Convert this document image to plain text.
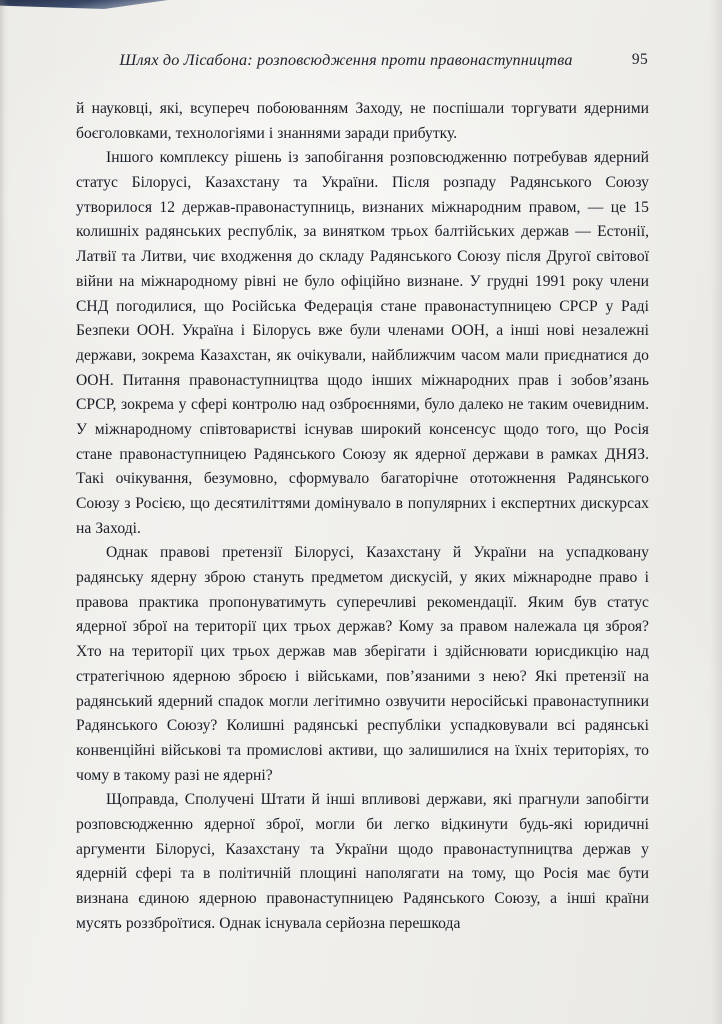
Шлях до Лісабона: розповсюдження проти правонаступництва	95

й науковці, які, всупереч побоюванням Заходу, не поспішали торгувати ядерними боєголовками, технологіями і знаннями заради прибутку.

Іншого комплексу рішень із запобігання розповсюдженню потребував ядерний статус Білорусі, Казахстану та України. Після розпаду Радянського Союзу утворилося 12 держав-правонаступниць, визнаних міжнародним правом, — це 15 колишніх радянських республік, за винятком трьох балтійських держав — Естонії, Латвії та Литви, чиє входження до складу Радянського Союзу після Другої світової війни на міжнародному рівні не було офіційно визнане. У грудні 1991 року члени СНД погодилися, що Російська Федерація стане правонаступницею СРСР у Раді Безпеки ООН. Україна і Білорусь вже були членами ООН, а інші нові незалежні держави, зокрема Казахстан, як очікували, найближчим часом мали приєднатися до ООН. Питання правонаступництва щодо інших міжнародних прав і зобов’язань СРСР, зокрема у сфері контролю над озброєннями, було далеко не таким очевидним. У міжнародному співтоваристві існував широкий консенсус щодо того, що Росія стане правонаступницею Радянського Союзу як ядерної держави в рамках ДНЯЗ. Такі очікування, безумовно, сформувало багаторічне ототожнення Радянського Союзу з Росією, що десятиліттями домінувало в популярних і експертних дискурсах на Заході.

Однак правові претензії Білорусі, Казахстану й України на успадковану радянську ядерну зброю стануть предметом дискусій, у яких міжнародне право і правова практика пропонуватимуть суперечливі рекомендації. Яким був статус ядерної зброї на території цих трьох держав? Кому за правом належала ця зброя? Хто на території цих трьох держав мав зберігати і здійснювати юрисдикцію над стратегічною ядерною зброєю і військами, пов’язаними з нею? Які претензії на радянський ядерний спадок могли легітимно озвучити неросійські правонаступники Радянського Союзу? Колишні радянські республіки успадковували всі радянські конвенційні військові та промислові активи, що залишилися на їхніх територіях, то чому в такому разі не ядерні?

Щоправда, Сполучені Штати й інші впливові держави, які прагнули запобігти розповсюдженню ядерної зброї, могли би легко відкинути будь-які юридичні аргументи Білорусі, Казахстану та України щодо правонаступництва держав у ядерній сфері та в політичній площині наполягати на тому, що Росія має бути визнана єдиною ядерною правонаступницею Радянського Союзу, а інші країни мусять роззброїтися. Однак існувала серйозна перешкода
